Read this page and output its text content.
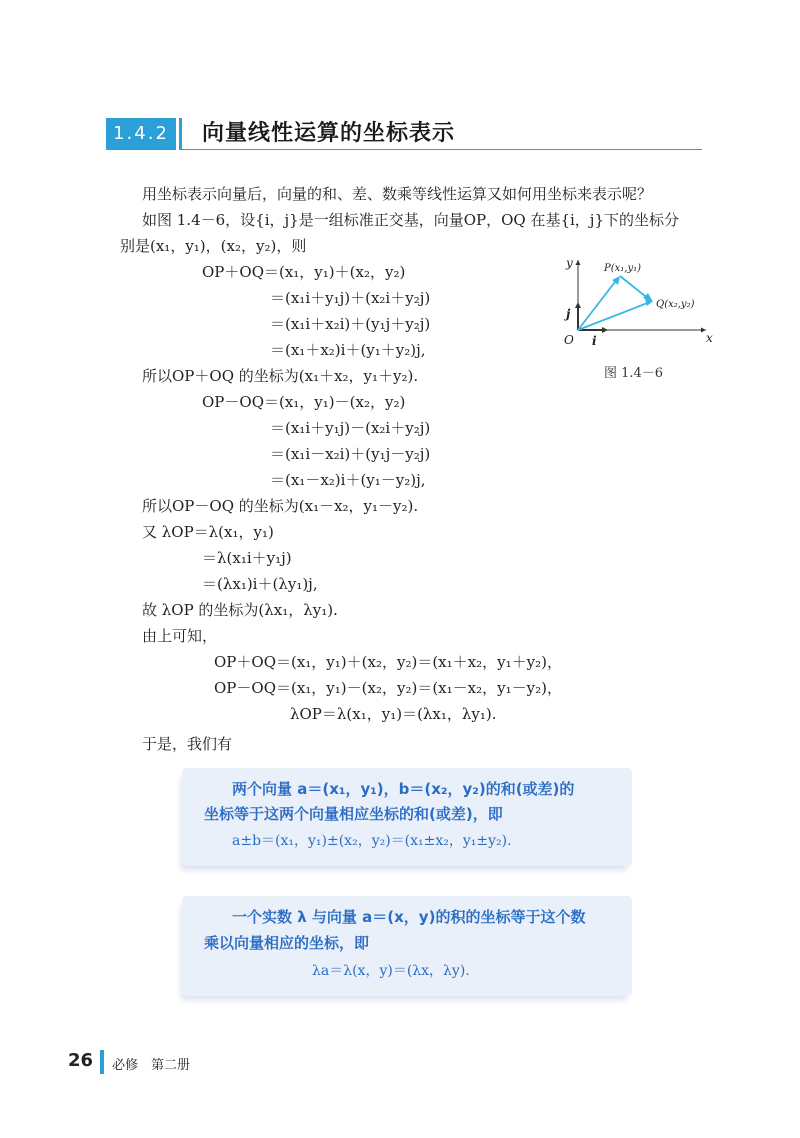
1.4.2	向量线性运算的坐标表示
用坐标表示向量后，向量的和、差、数乘等线性运算又如何用坐标来表示呢？
如图 1.4－6，设{i，j}是一组标准正交基，向量OP，OQ 在基{i，j}下的坐标分
别是(x₁，y₁)，(x₂，y₂)，则
OP＋OQ＝(x₁，y₁)＋(x₂，y₂)
＝(x₁i＋y₁j)＋(x₂i＋y₂j)
＝(x₁i＋x₂i)＋(y₁j＋y₂j)
＝(x₁＋x₂)i＋(y₁＋y₂)j,
所以OP＋OQ 的坐标为(x₁＋x₂，y₁＋y₂).
OP－OQ＝(x₁，y₁)－(x₂，y₂)
＝(x₁i＋y₁j)－(x₂i＋y₂j)
＝(x₁i－x₂i)＋(y₁j－y₂j)
＝(x₁－x₂)i＋(y₁－y₂)j,
所以OP－OQ 的坐标为(x₁－x₂，y₁－y₂).
又 λOP＝λ(x₁，y₁)
＝λ(x₁i＋y₁j)
＝(λx₁)i＋(λy₁)j,
故 λOP 的坐标为(λx₁，λy₁).
由上可知，
OP＋OQ＝(x₁，y₁)＋(x₂，y₂)＝(x₁＋x₂，y₁＋y₂)，
OP－OQ＝(x₁，y₁)－(x₂，y₂)＝(x₁－x₂，y₁－y₂)，
λOP＝λ(x₁，y₁)＝(λx₁，λy₁).
于是，我们有
y
x
O i
j
P(x₁,y₁)
Q(x₂,y₂)
图 1.4－6
两个向量 a＝(x₁，y₁)，b＝(x₂，y₂)的和(或差)的
坐标等于这两个向量相应坐标的和(或差)，即
a±b＝(x₁，y₁)±(x₂，y₂)＝(x₁±x₂，y₁±y₂).
一个实数 λ 与向量 a＝(x，y)的积的坐标等于这个数
乘以向量相应的坐标，即
λa＝λ(x，y)＝(λx，λy).
26 必修　第二册
